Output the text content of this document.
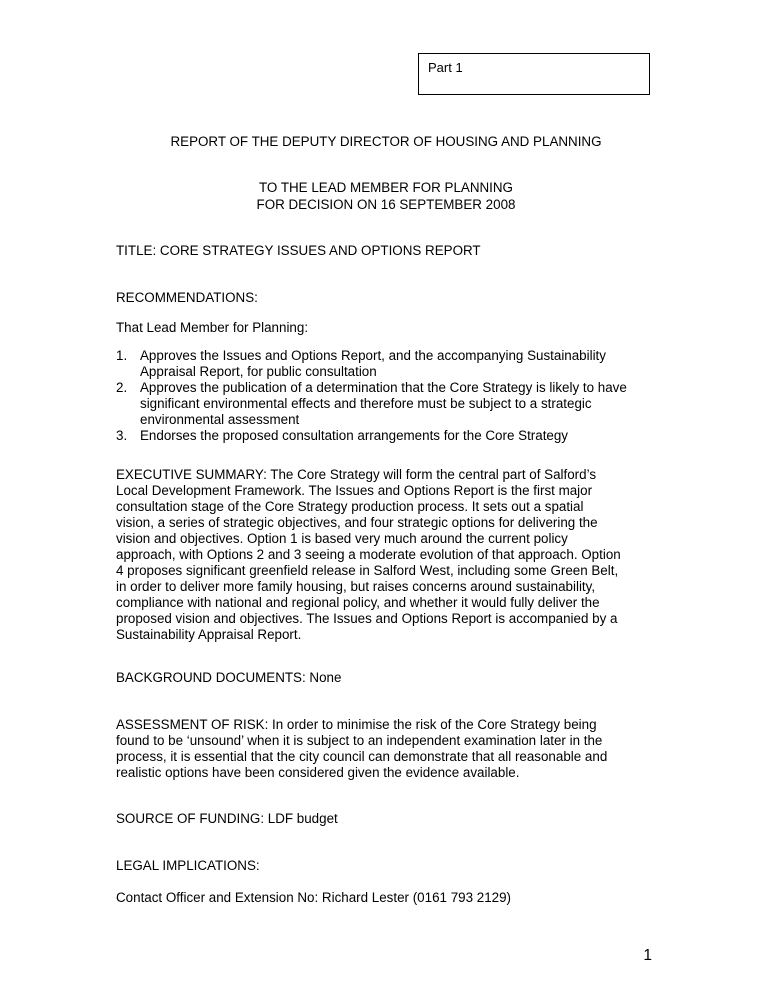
Part 1

REPORT OF THE DEPUTY DIRECTOR OF HOUSING AND PLANNING

TO THE LEAD MEMBER FOR PLANNING

FOR DECISION ON 16 SEPTEMBER 2008

TITLE: CORE STRATEGY ISSUES AND OPTIONS REPORT

RECOMMENDATIONS:

That Lead Member for Planning:

1. Approves the Issues and Options Report, and the accompanying Sustainability Appraisal Report, for public consultation
2. Approves the publication of a determination that the Core Strategy is likely to have significant environmental effects and therefore must be subject to a strategic environmental assessment
3. Endorses the proposed consultation arrangements for the Core Strategy

EXECUTIVE SUMMARY: The Core Strategy will form the central part of Salford’s
Local Development Framework. The Issues and Options Report is the first major
consultation stage of the Core Strategy production process. It sets out a spatial
vision, a series of strategic objectives, and four strategic options for delivering the
vision and objectives. Option 1 is based very much around the current policy
approach, with Options 2 and 3 seeing a moderate evolution of that approach. Option
4 proposes significant greenfield release in Salford West, including some Green Belt,
in order to deliver more family housing, but raises concerns around sustainability,
compliance with national and regional policy, and whether it would fully deliver the
proposed vision and objectives. The Issues and Options Report is accompanied by a
Sustainability Appraisal Report.

BACKGROUND DOCUMENTS: None

ASSESSMENT OF RISK: In order to minimise the risk of the Core Strategy being
found to be ‘unsound’ when it is subject to an independent examination later in the
process, it is essential that the city council can demonstrate that all reasonable and
realistic options have been considered given the evidence available.

SOURCE OF FUNDING: LDF budget

LEGAL IMPLICATIONS:

Contact Officer and Extension No: Richard Lester (0161 793 2129)

1
